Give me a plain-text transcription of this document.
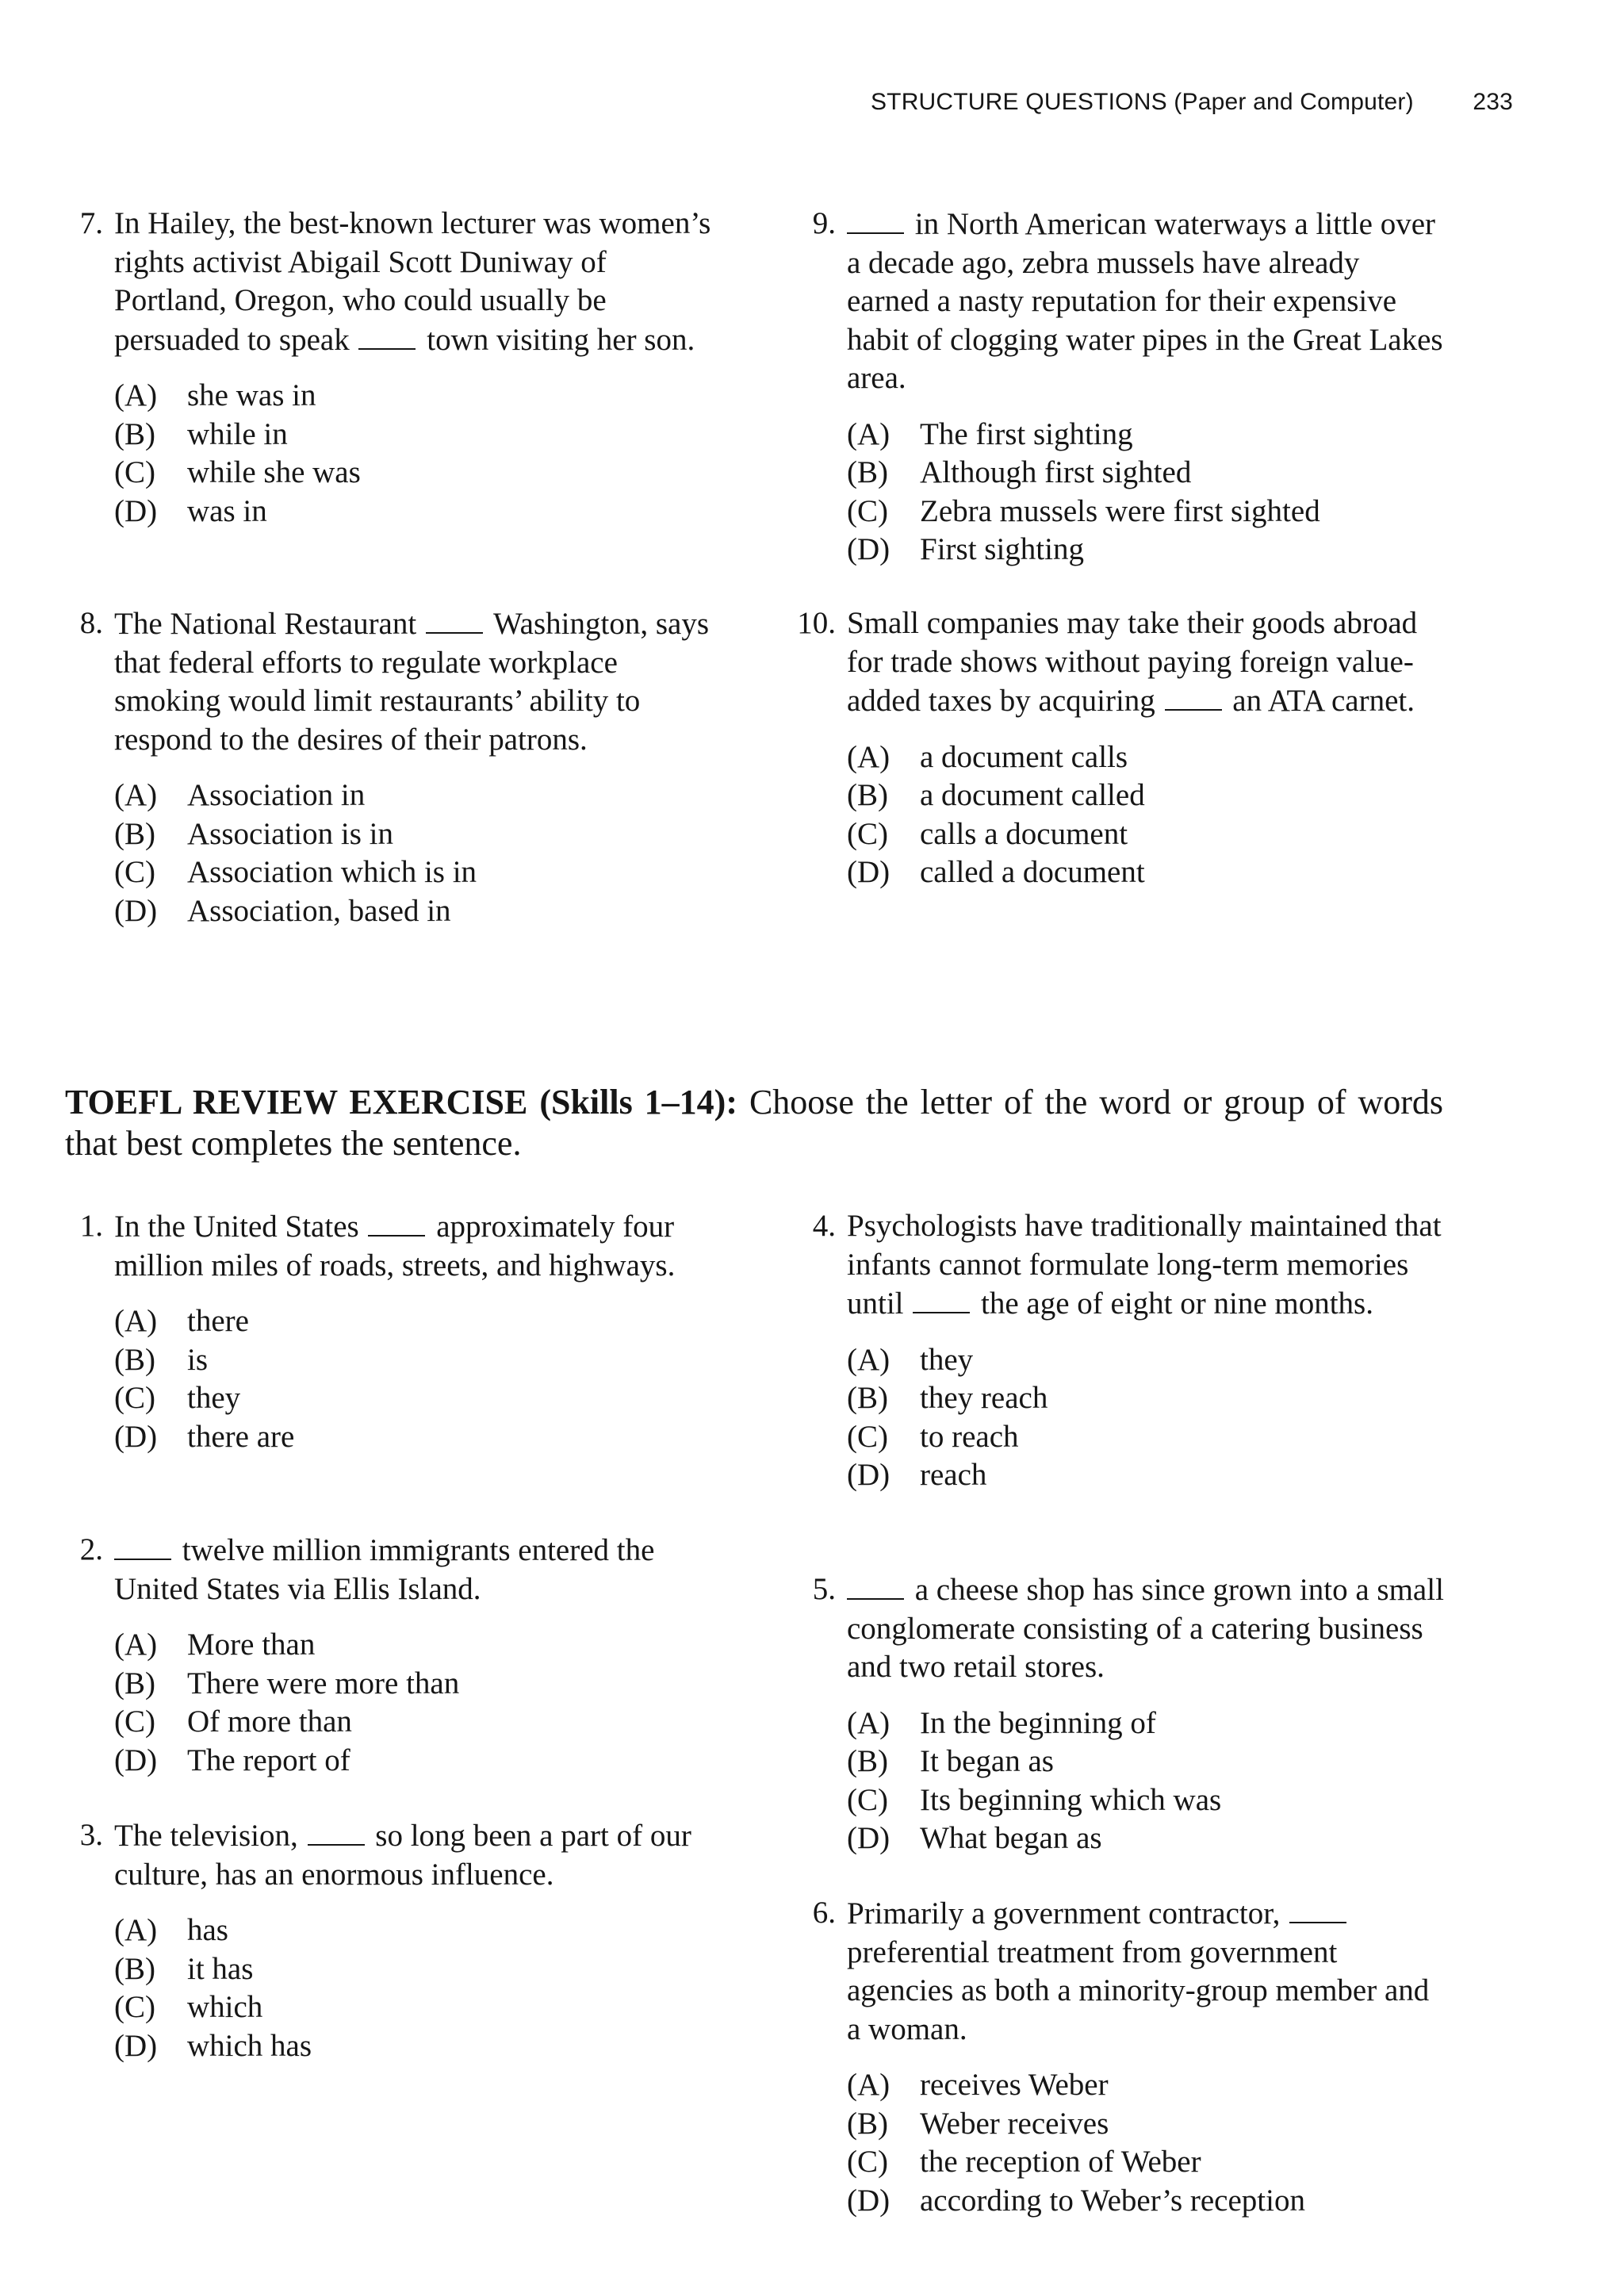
STRUCTURE QUESTIONS (Paper and Computer) 233
7. In Hailey, the best-known lecturer was women’s rights activist Abigail Scott Duniway of Portland, Oregon, who could usually be persuaded to speak  town visiting her son.
(A) she was in
(B) while in
(C) while she was
(D) was in
8. The National Restaurant  Washington, says that federal efforts to regulate workplace smoking would limit restaurants’ ability to respond to the desires of their patrons.
(A) Association in
(B) Association is in
(C) Association which is in
(D) Association, based in
9.	in North American waterways a little over a decade ago, zebra mussels have already earned a nasty reputation for their expensive habit of clogging water pipes in the Great Lakes area.
(A) The first sighting
(B) Although first sighted
(C) Zebra mussels were first sighted
(D) First sighting
10. Small companies may take their goods abroad for trade shows without paying foreign value-added taxes by acquiring  an ATA carnet.
(A) a document calls
(B) a document called
(C) calls a document
(D) called a document
TOEFL REVIEW EXERCISE (Skills 1–14): Choose the letter of the word or group of words that best completes the sentence.
1. In the United States  approximately four million miles of roads, streets, and highways.
(A) there
(B) is
(C) they
(D) there are
2.	twelve million immigrants entered the United States via Ellis Island.
(A) More than
(B) There were more than
(C) Of more than
(D) The report of
3. The television,  so long been a part of our culture, has an enormous influence.
(A) has
(B) it has
(C) which
(D) which has
4. Psychologists have traditionally maintained that infants cannot formulate long-term memories until  the age of eight or nine months.
(A) they
(B) they reach
(C) to reach
(D) reach
5.	a cheese shop has since grown into a small conglomerate consisting of a catering business and two retail stores.
(A) In the beginning of
(B) It began as
(C) Its beginning which was
(D) What began as
6. Primarily a government contractor,  preferential treatment from government agencies as both a minority-group member and a woman.
(A) receives Weber
(B) Weber receives
(C) the reception of Weber
(D) according to Weber’s reception
